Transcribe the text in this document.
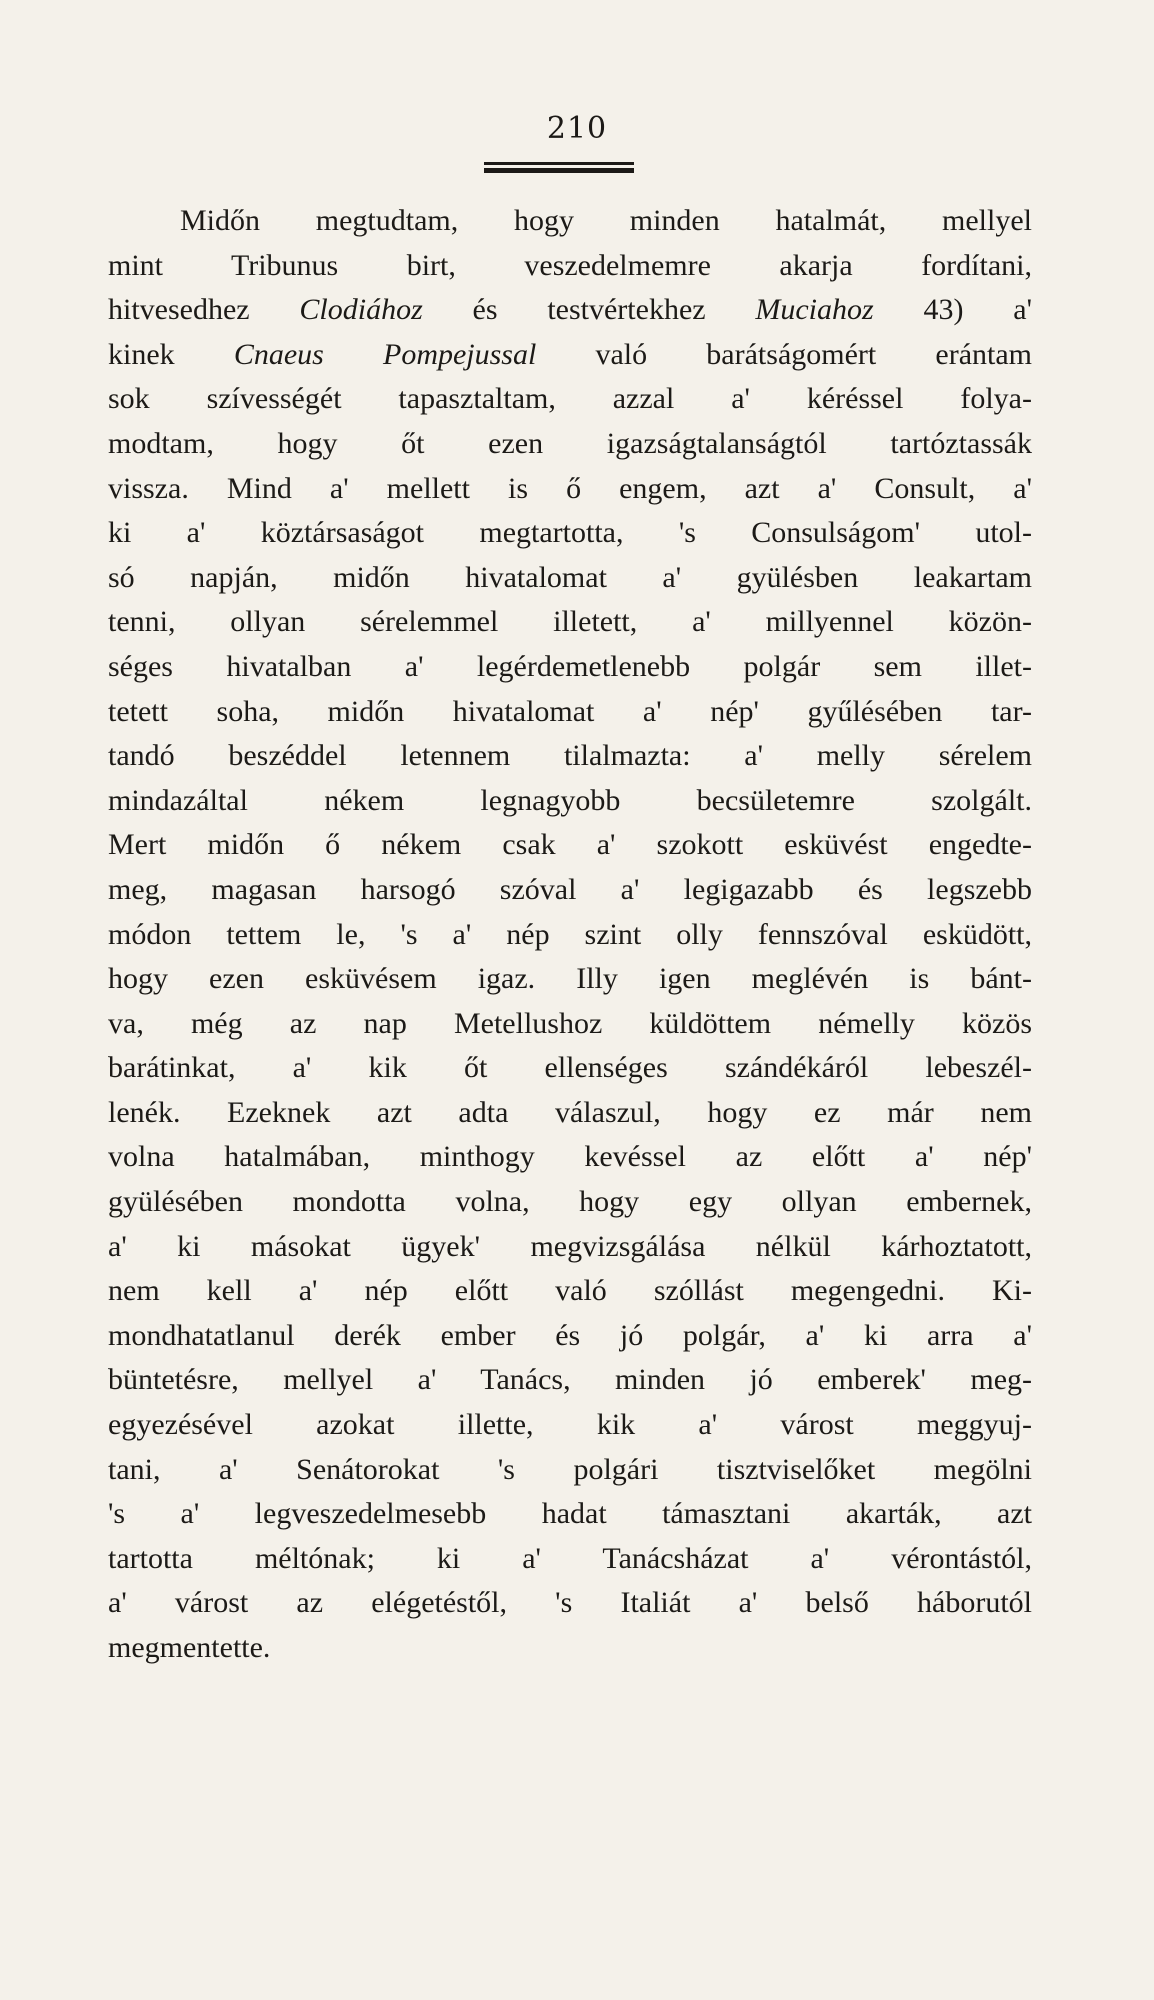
210
Midőn megtudtam, hogy minden hatalmát, mellyel
mint Tribunus birt, veszedelmemre akarja fordítani,
hitvesedhez Clodiához és testvértekhez Muciahoz 43) a'
kinek Cnaeus Pompejussal való barátságomért erántam
sok szívességét tapasztaltam, azzal a' kéréssel folya-
modtam, hogy őt ezen igazságtalanságtól tartóztassák
vissza. Mind a' mellett is ő engem, azt a' Consult, a'
ki a' köztársaságot megtartotta, 's Consulságom' utol-
só napján, midőn hivatalomat a' gyülésben leakartam
tenni, ollyan sérelemmel illetett, a' millyennel közön-
séges hivatalban a' legérdemetlenebb polgár sem illet-
tetett soha, midőn hivatalomat a' nép' gyűlésében tar-
tandó beszéddel letennem tilalmazta: a' melly sérelem
mindazáltal nékem legnagyobb becsületemre szolgált.
Mert midőn ő nékem csak a' szokott esküvést engedte-
meg, magasan harsogó szóval a' legigazabb és legszebb
módon tettem le, 's a' nép szint olly fennszóval esküdött,
hogy ezen esküvésem igaz. Illy igen meglévén is bánt-
va, még az nap Metellushoz küldöttem némelly közös
barátinkat, a' kik őt ellenséges szándékáról lebeszél-
lenék. Ezeknek azt adta válaszul, hogy ez már nem
volna hatalmában, minthogy kevéssel az előtt a' nép'
gyülésében mondotta volna, hogy egy ollyan embernek,
a' ki másokat ügyek' megvizsgálása nélkül kárhoztatott,
nem kell a' nép előtt való szóllást megengedni. Ki-
mondhatatlanul derék ember és jó polgár, a' ki arra a'
büntetésre, mellyel a' Tanács, minden jó emberek' meg-
egyezésével azokat illette, kik a' várost meggyuj-
tani, a' Senátorokat 's polgári tisztviselőket megölni
's a' legveszedelmesebb hadat támasztani akarták, azt
tartotta méltónak; ki a' Tanácsházat a' vérontástól,
a' várost az elégetéstől, 's Italiát a' belső háborutól
megmentette.
